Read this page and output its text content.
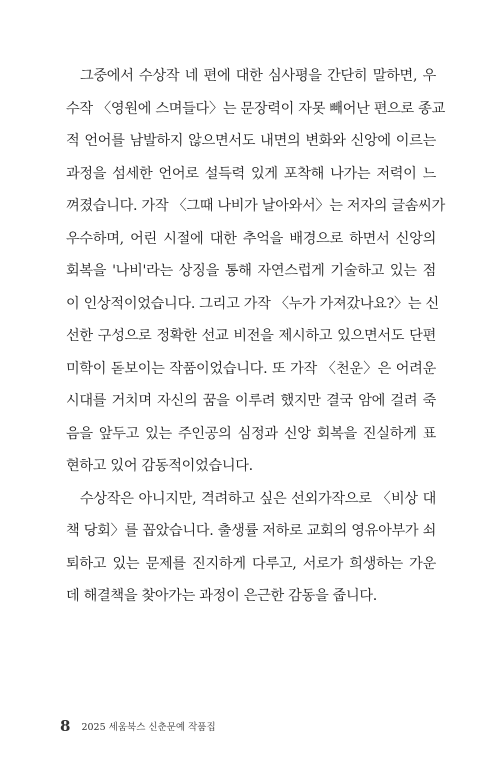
그중에서 수상작 네 편에 대한 심사평을 간단히 말하면, 우
수작 〈영원에 스며들다〉는 문장력이 자못 빼어난 편으로 종교
적 언어를 남발하지 않으면서도 내면의 변화와 신앙에 이르는
과정을 섬세한 언어로 설득력 있게 포착해 나가는 저력이 느
껴졌습니다. 가작 〈그때 나비가 날아와서〉는 저자의 글솜씨가
우수하며, 어린 시절에 대한 추억을 배경으로 하면서 신앙의
회복을 '나비'라는 상징을 통해 자연스럽게 기술하고 있는 점
이 인상적이었습니다. 그리고 가작 〈누가 가져갔나요?〉는 신
선한 구성으로 정확한 선교 비전을 제시하고 있으면서도 단편
미학이 돋보이는 작품이었습니다. 또 가작 〈천운〉은 어려운
시대를 거치며 자신의 꿈을 이루려 했지만 결국 암에 걸려 죽
음을 앞두고 있는 주인공의 심정과 신앙 회복을 진실하게 표
현하고 있어 감동적이었습니다.
수상작은 아니지만, 격려하고 싶은 선외가작으로 〈비상 대
책 당회〉를 꼽았습니다. 출생률 저하로 교회의 영유아부가 쇠
퇴하고 있는 문제를 진지하게 다루고, 서로가 희생하는 가운
데 해결책을 찾아가는 과정이 은근한 감동을 줍니다.
8 2025 세움북스 신춘문예 작품집
